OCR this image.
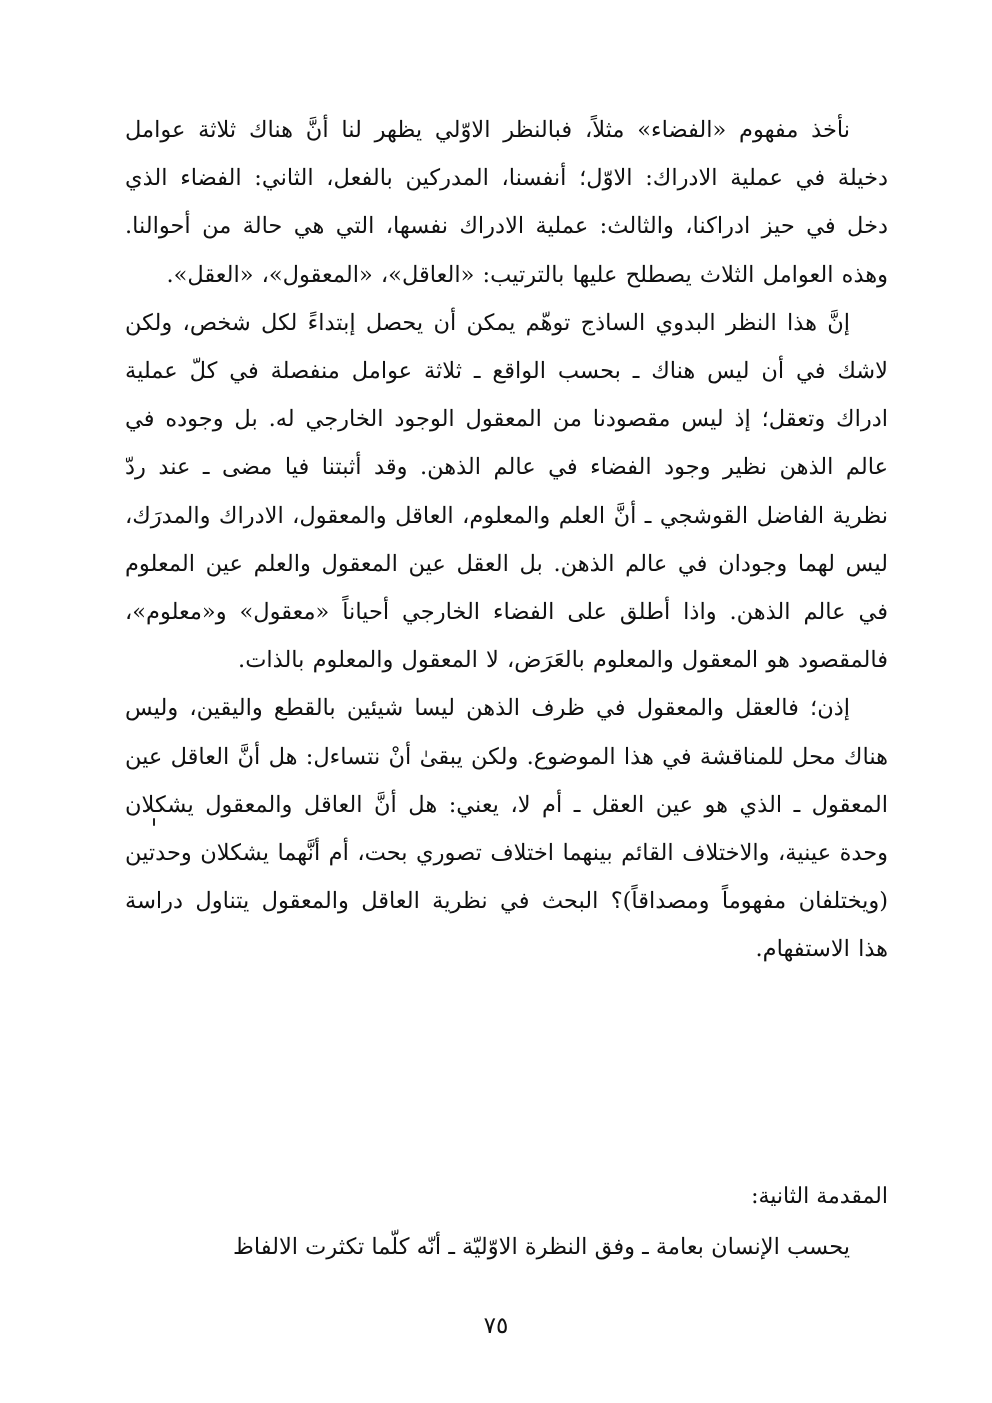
نأخذ مفهوم «الفضاء» مثلاً، فبالنظر الاوّلي يظهر لنا أنَّ هناك ثلاثة عوامل دخيلة في عملية الادراك: الاوّل؛ أنفسنا، المدركين بالفعل، الثاني: الفضاء الذي دخل في حيز ادراكنا، والثالث: عملية الادراك نفسها، التي هي حالة من أحوالنا. وهذه العوامل الثلاث يصطلح عليها بالترتيب: «العاقل»، «المعقول»، «العقل».

إنَّ هذا النظر البدوي الساذج توهّم يمكن أن يحصل إبتداءً لكل شخص، ولكن لاشك في أن ليس هناك ـ بحسب الواقع ـ ثلاثة عوامل منفصلة في كلّ عملية ادراك وتعقل؛ إذ ليس مقصودنا من المعقول الوجود الخارجي له. بل وجوده في عالم الذهن نظير وجود الفضاء في عالم الذهن. وقد أثبتنا فيا مضى ـ عند ردّ نظرية الفاضل القوشجي ـ أنَّ العلم والمعلوم، العاقل والمعقول، الادراك والمدرَك، ليس لهما وجودان في عالم الذهن. بل العقل عين المعقول والعلم عين المعلوم في عالم الذهن. واذا أطلق على الفضاء الخارجي أحياناً «معقول» و«معلوم»، فالمقصود هو المعقول والمعلوم بالعَرَض، لا المعقول والمعلوم بالذات.

إذن؛ فالعقل والمعقول في ظرف الذهن ليسا شيئين بالقطع واليقين، وليس هناك محل للمناقشة في هذا الموضوع. ولكن يبقىٰ أنْ نتساءل: هل أنَّ العاقل عين المعقول ـ الذي هو عين العقل ـ أم لا، يعني: هل أنَّ العاقل والمعقول يشكلان وحدة عينية، والاختلاف القائم بينهما اختلاف تصوري بحت، أم أنَّهما يشكلان وحدتين (ويختلفان مفهوماً ومصداقاً)؟ البحث في نظرية العاقل والمعقول يتناول دراسة هذا الاستفهام.

المقدمة الثانية:

يحسب الإنسان بعامة ـ وفق النظرة الاوّليّة ـ أنّه كلّما تكثرت الالفاظ

٧٥
